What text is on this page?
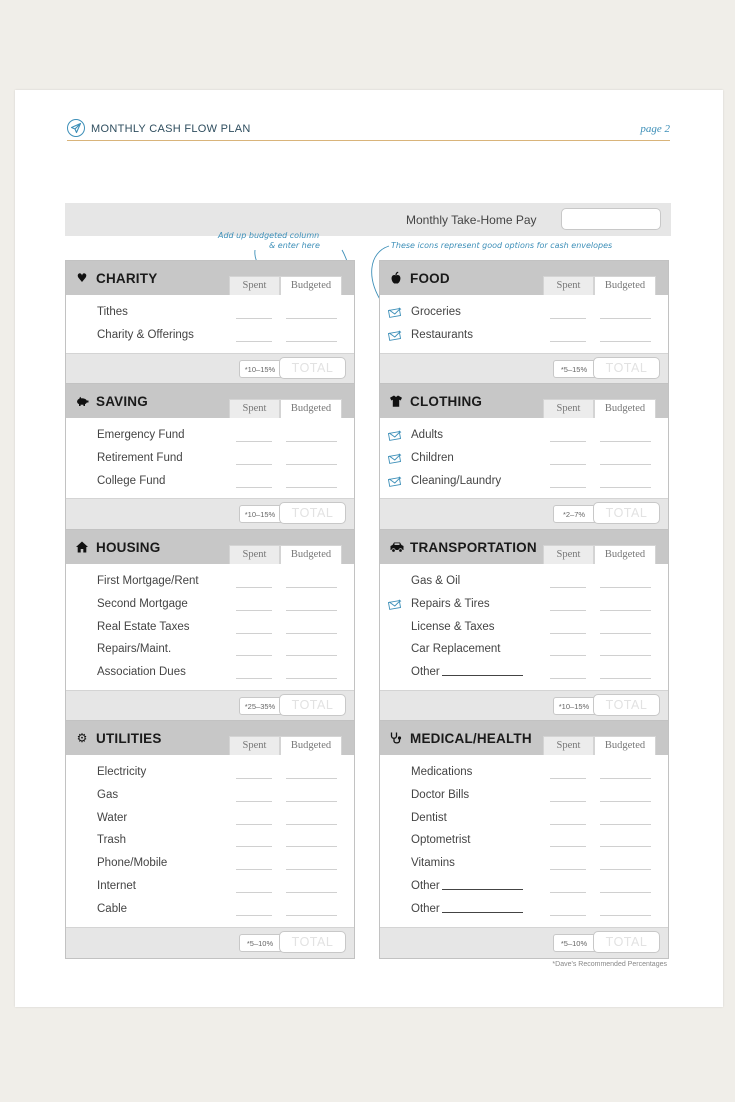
MONTHLY CASH FLOW PLAN	page 2
Monthly Take-Home Pay
Add up budgeted column
& enter here	These icons represent good options for cash envelopes
♥ CHARITY	Spent	Budgeted
Tithes
Charity & Offerings
*10–15%	TOTAL
SAVING	Spent	Budgeted
Emergency Fund
Retirement Fund
College Fund
*10–15%	TOTAL
HOUSING	Spent	Budgeted
First Mortgage/Rent
Second Mortgage
Real Estate Taxes
Repairs/Maint.
Association Dues
*25–35%	TOTAL
⚙ UTILITIES	Spent	Budgeted
Electricity
Gas
Water
Trash
Phone/Mobile
Internet
Cable
*5–10%	TOTAL
FOOD	Spent	Budgeted
Groceries
Restaurants
*5–15%	TOTAL
CLOTHING	Spent	Budgeted
Adults
Children
Cleaning/Laundry
*2–7%	TOTAL
TRANSPORTATION	Spent	Budgeted
Gas & Oil
Repairs & Tires
License & Taxes
Car Replacement
Other
*10–15%	TOTAL
MEDICAL/HEALTH	Spent	Budgeted
Medications
Doctor Bills
Dentist
Optometrist
Vitamins
Other
Other
*5–10%	TOTAL
*Dave's Recommended Percentages
